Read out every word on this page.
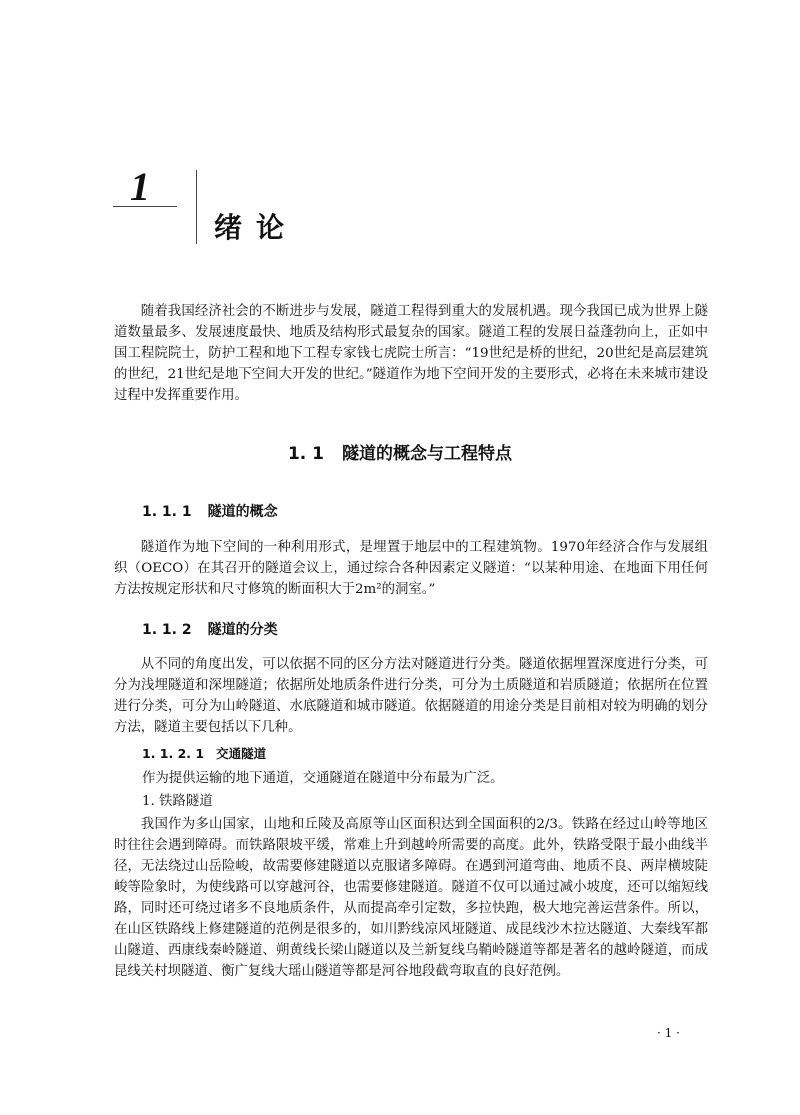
1
绪论

随着我国经济社会的不断进步与发展，隧道工程得到重大的发展机遇。现今我国已成为世界上隧道数量最多、发展速度最快、地质及结构形式最复杂的国家。隧道工程的发展日益蓬勃向上，正如中国工程院院士，防护工程和地下工程专家钱七虎院士所言：“19世纪是桥的世纪，20世纪是高层建筑的世纪，21世纪是地下空间大开发的世纪。”隧道作为地下空间开发的主要形式，必将在未来城市建设过程中发挥重要作用。

1. 1 隧道的概念与工程特点
1. 1. 1 隧道的概念

隧道作为地下空间的一种利用形式，是埋置于地层中的工程建筑物。1970年经济合作与发展组织（OECO）在其召开的隧道会议上，通过综合各种因素定义隧道：“以某种用途、在地面下用任何方法按规定形状和尺寸修筑的断面积大于2m²的洞室。”

1. 1. 2 隧道的分类

从不同的角度出发，可以依据不同的区分方法对隧道进行分类。隧道依据埋置深度进行分类，可分为浅埋隧道和深埋隧道；依据所处地质条件进行分类，可分为土质隧道和岩质隧道；依据所在位置进行分类，可分为山岭隧道、水底隧道和城市隧道。依据隧道的用途分类是目前相对较为明确的划分方法，隧道主要包括以下几种。

1. 1. 2. 1 交通隧道
作为提供运输的地下通道，交通隧道在隧道中分布最为广泛。
1. 铁路隧道

我国作为多山国家，山地和丘陵及高原等山区面积达到全国面积的2/3。铁路在经过山岭等地区时往往会遇到障碍。而铁路限坡平缓，常难上升到越岭所需要的高度。此外，铁路受限于最小曲线半径，无法绕过山岳险峻，故需要修建隧道以克服诸多障碍。在遇到河道弯曲、地质不良、两岸横坡陡峻等险象时，为使线路可以穿越河谷，也需要修建隧道。隧道不仅可以通过减小坡度，还可以缩短线路，同时还可绕过诸多不良地质条件，从而提高牵引定数，多拉快跑，极大地完善运营条件。所以，在山区铁路线上修建隧道的范例是很多的，如川黔线凉风垭隧道、成昆线沙木拉达隧道、大秦线军都山隧道、西康线秦岭隧道、朔黄线长梁山隧道以及兰新复线乌鞘岭隧道等都是著名的越岭隧道，而成昆线关村坝隧道、衡广复线大瑶山隧道等都是河谷地段截弯取直的良好范例。

· 1 ·
